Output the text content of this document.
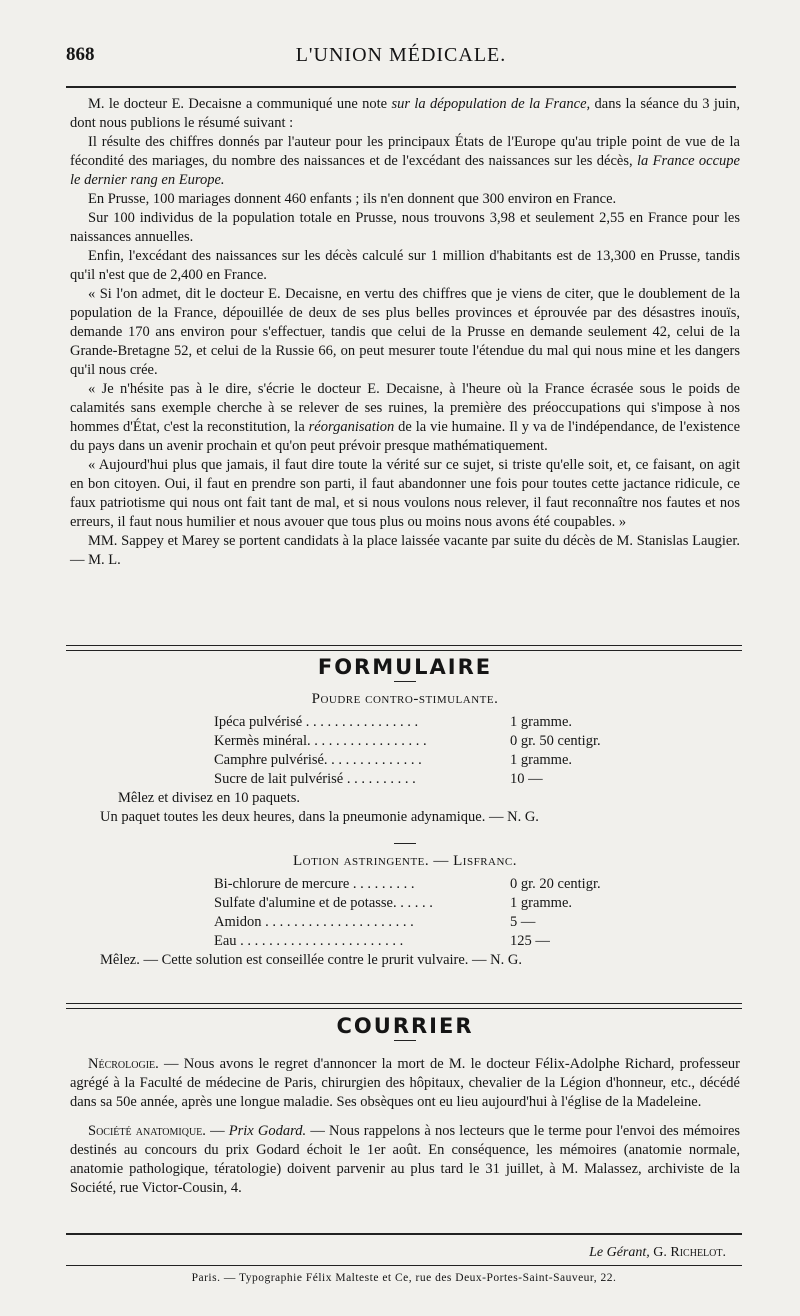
868	L'UNION MÉDICALE.

M. le docteur E. Decaisne a communiqué une note sur la dépopulation de la France, dans la séance du 3 juin, dont nous publions le résumé suivant :

Il résulte des chiffres donnés par l'auteur pour les principaux États de l'Europe qu'au triple point de vue de la fécondité des mariages, du nombre des naissances et de l'excédant des naissances sur les décès, la France occupe le dernier rang en Europe.

En Prusse, 100 mariages donnent 460 enfants ; ils n'en donnent que 300 environ en France.

Sur 100 individus de la population totale en Prusse, nous trouvons 3,98 et seulement 2,55 en France pour les naissances annuelles.

Enfin, l'excédant des naissances sur les décès calculé sur 1 million d'habitants est de 13,300 en Prusse, tandis qu'il n'est que de 2,400 en France.

« Si l'on admet, dit le docteur E. Decaisne, en vertu des chiffres que je viens de citer, que le doublement de la population de la France, dépouillée de deux de ses plus belles provinces et éprouvée par des désastres inouïs, demande 170 ans environ pour s'effectuer, tandis que celui de la Prusse en demande seulement 42, celui de la Grande-Bretagne 52, et celui de la Russie 66, on peut mesurer toute l'étendue du mal qui nous mine et les dangers qu'il nous crée.

« Je n'hésite pas à le dire, s'écrie le docteur E. Decaisne, à l'heure où la France écrasée sous le poids de calamités sans exemple cherche à se relever de ses ruines, la première des préoccupations qui s'impose à nos hommes d'État, c'est la reconstitution, la réorganisation de la vie humaine. Il y va de l'indépendance, de l'existence du pays dans un avenir prochain et qu'on peut prévoir presque mathématiquement.

« Aujourd'hui plus que jamais, il faut dire toute la vérité sur ce sujet, si triste qu'elle soit, et, ce faisant, on agit en bon citoyen. Oui, il faut en prendre son parti, il faut abandonner une fois pour toutes cette jactance ridicule, ce faux patriotisme qui nous ont fait tant de mal, et si nous voulons nous relever, il faut reconnaître nos fautes et nos erreurs, il faut nous humilier et nous avouer que tous plus ou moins nous avons été coupables. »

MM. Sappey et Marey se portent candidats à la place laissée vacante par suite du décès de M. Stanislas Laugier. — M. L.

FORMULAIRE
Poudre contro-stimulante.
Ipéca pulvérisé . . . . . . . . . . . . . . . .	1 gramme.
Kermès minéral. . . . . . . . . . . . . . . . .	0 gr. 50 centigr.
Camphre pulvérisé. . . . . . . . . . . . . .	1 gramme.
Sucre de lait pulvérisé . . . . . . . . . .	10 —

Mêlez et divisez en 10 paquets.

Un paquet toutes les deux heures, dans la pneumonie adynamique. — N. G.

Lotion astringente. — Lisfranc.
Bi-chlorure de mercure . . . . . . . . .	0 gr. 20 centigr.
Sulfate d'alumine et de potasse. . . . . .	1 gramme.
Amidon . . . . . . . . . . . . . . . . . . . . .	5 —
Eau . . . . . . . . . . . . . . . . . . . . . . .	125 —

Mêlez. — Cette solution est conseillée contre le prurit vulvaire. — N. G.

COURRIER

Nécrologie. — Nous avons le regret d'annoncer la mort de M. le docteur Félix-Adolphe Richard, professeur agrégé à la Faculté de médecine de Paris, chirurgien des hôpitaux, chevalier de la Légion d'honneur, etc., décédé dans sa 50e année, après une longue maladie. Ses obsèques ont eu lieu aujourd'hui à l'église de la Madeleine.

Société anatomique. — Prix Godard. — Nous rappelons à nos lecteurs que le terme pour l'envoi des mémoires destinés au concours du prix Godard échoit le 1er août. En conséquence, les mémoires (anatomie normale, anatomie pathologique, tératologie) doivent parvenir au plus tard le 31 juillet, à M. Malassez, archiviste de la Société, rue Victor-Cousin, 4.

Le Gérant, G. Richelot.
Paris. — Typographie Félix Malteste et Ce, rue des Deux-Portes-Saint-Sauveur, 22.
